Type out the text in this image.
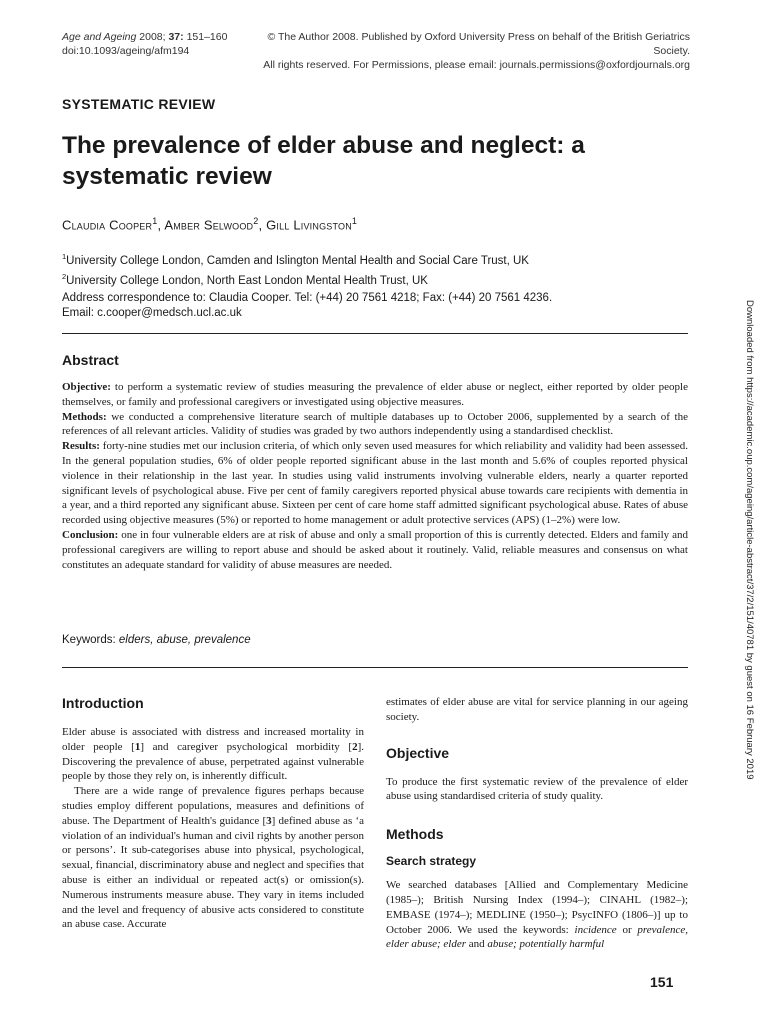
Age and Ageing 2008; 37: 151–160
doi:10.1093/ageing/afm194
© The Author 2008. Published by Oxford University Press on behalf of the British Geriatrics Society.
All rights reserved. For Permissions, please email: journals.permissions@oxfordjournals.org
SYSTEMATIC REVIEW
The prevalence of elder abuse and neglect: a systematic review
Claudia Cooper$^1$, Amber Selwood$^2$, Gill Livingston$^1$
$^1$University College London, Camden and Islington Mental Health and Social Care Trust, UK
$^2$University College London, North East London Mental Health Trust, UK
Address correspondence to: Claudia Cooper. Tel: (+44) 20 7561 4218; Fax: (+44) 20 7561 4236.
Email: c.cooper@medsch.ucl.ac.uk
Abstract

Objective: to perform a systematic review of studies measuring the prevalence of elder abuse or neglect, either reported by older people themselves, or family and professional caregivers or investigated using objective measures.

Methods: we conducted a comprehensive literature search of multiple databases up to October 2006, supplemented by a search of the references of all relevant articles. Validity of studies was graded by two authors independently using a standardised checklist.

Results: forty-nine studies met our inclusion criteria, of which only seven used measures for which reliability and validity had been assessed. In the general population studies, 6% of older people reported significant abuse in the last month and 5.6% of couples reported physical violence in their relationship in the last year. In studies using valid instruments involving vulnerable elders, nearly a quarter reported significant levels of psychological abuse. Five per cent of family caregivers reported physical abuse towards care recipients with dementia in a year, and a third reported any significant abuse. Sixteen per cent of care home staff admitted significant psychological abuse. Rates of abuse recorded using objective measures (5%) or reported to home management or adult protective services (APS) (1–2%) were low.

Conclusion: one in four vulnerable elders are at risk of abuse and only a small proportion of this is currently detected. Elders and family and professional caregivers are willing to report abuse and should be asked about it routinely. Valid, reliable measures and consensus on what constitutes an adequate standard for validity of abuse measures are needed.

Keywords: elders, abuse, prevalence
Introduction

Elder abuse is associated with distress and increased mortality in older people [1] and caregiver psychological morbidity [2]. Discovering the prevalence of abuse, perpetrated against vulnerable people by those they rely on, is inherently difficult.

There are a wide range of prevalence figures perhaps because studies employ different populations, measures and definitions of abuse. The Department of Health's guidance [3] defined abuse as ‘a violation of an individual's human and civil rights by another person or persons’. It sub-categorises abuse into physical, psychological, sexual, financial, discriminatory abuse and neglect and specifies that abuse is either an individual or repeated act(s) or omission(s). Numerous instruments measure abuse. They vary in items included and the level and frequency of abusive acts considered to constitute an abuse case. Accurate

estimates of elder abuse are vital for service planning in our ageing society.

Objective

To produce the first systematic review of the prevalence of elder abuse using standardised criteria of study quality.

Methods
Search strategy

We searched databases [Allied and Complementary Medicine (1985–); British Nursing Index (1994–); CINAHL (1982–); EMBASE (1974–); MEDLINE (1950–); PsycINFO (1806–)] up to October 2006. We used the keywords: incidence or prevalence, elder abuse; elder and abuse; potentially harmful

151
Downloaded from https://academic.oup.com/ageing/article-abstract/37/2/151/40781 by guest on 16 February 2019
